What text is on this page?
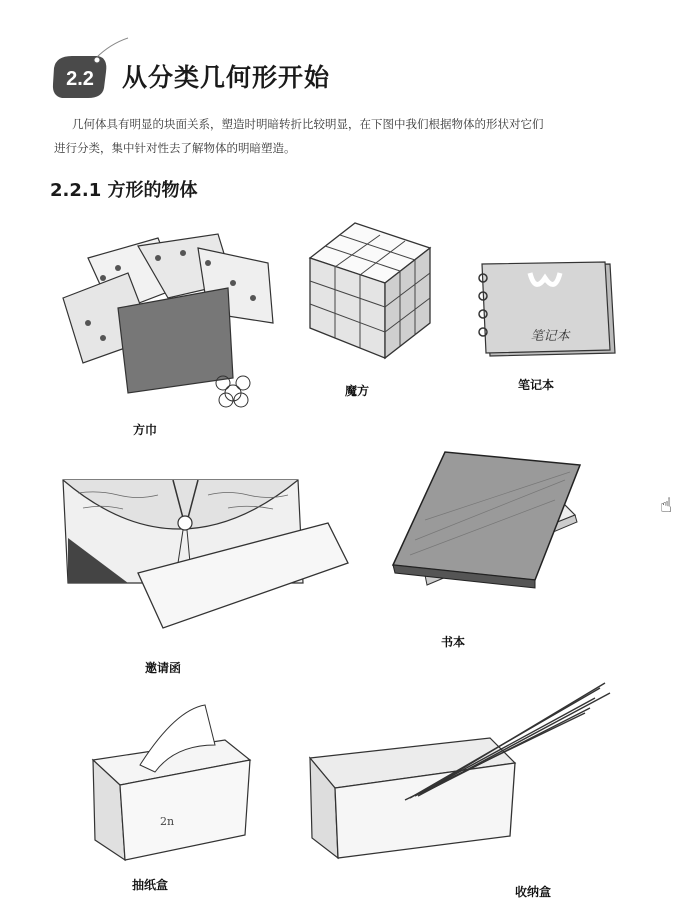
2.2 从分类几何形开始

几何体具有明显的块面关系，塑造时明暗转折比较明显，在下图中我们根据物体的形状对它们

进行分类，集中针对性去了解物体的明暗塑造。

2.2.1 方形的物体
方巾
魔方
笔记本
笔记本
邀请函
书本
2n
抽纸盒	收纳盒
☝
